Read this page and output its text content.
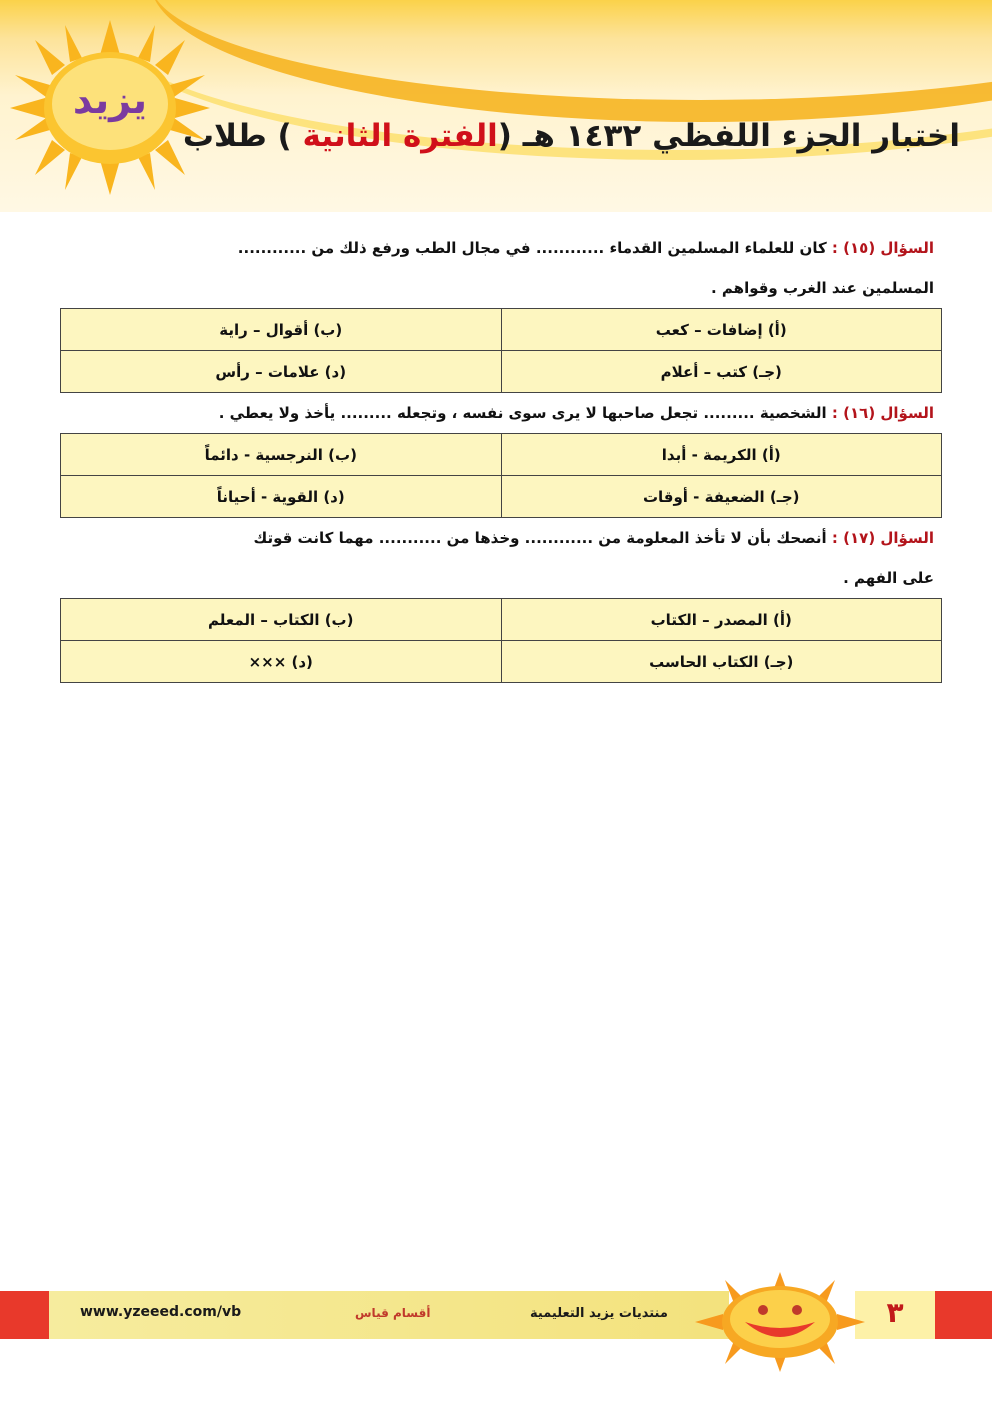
يزيد
اختبار الجزء اللفظي ١٤٣٢ هـ (الفترة الثانية ) طلاب
السؤال (١٥) : كان للعلماء المسلمين القدماء ............ في مجال الطب ورفع ذلك من ............
المسلمين عند الغرب وقواهم .
(أ) إضافات – كعب	(ب) أقوال – راية
(جـ) كتب – أعلام	(د) علامات – رأس
السؤال (١٦) : الشخصية ......... تجعل صاحبها لا يرى سوى نفسه ، وتجعله ......... يأخذ ولا يعطي .
(أ) الكريمة - أبدا	(ب) النرجسية - دائماً
(جـ) الضعيفة - أوقات	(د) القوية - أحياناً
السؤال (١٧) : أنصحك بأن لا تأخذ المعلومة من ............ وخذها من ........... مهما كانت قوتك
على الفهم .
(أ) المصدر – الكتاب	(ب) الكتاب – المعلم
(جـ) الكتاب الحاسب	(د) ×××
www.yzeeed.com/vb	أقسام قياس	منتديات يزيد التعليمية	٣
